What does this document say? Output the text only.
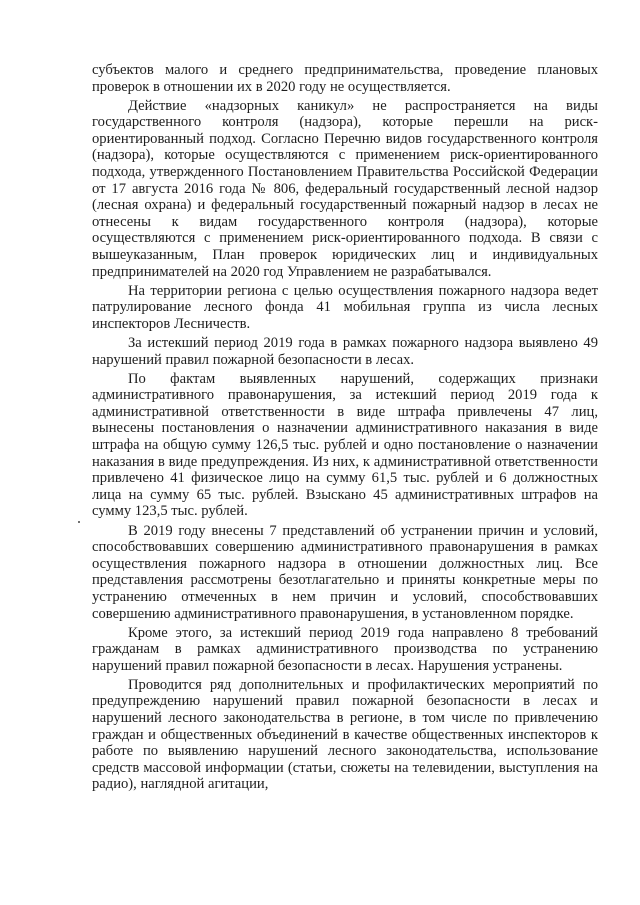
субъектов малого и среднего предпринимательства, проведение плановых проверок в отношении их в 2020 году не осуществляется.

Действие «надзорных каникул» не распространяется на виды государственного контроля (надзора), которые перешли на риск-ориентированный подход. Согласно Перечню видов государственного контроля (надзора), которые осуществляются с применением риск-ориентированного подхода, утвержденного Постановлением Правительства Российской Федерации от 17 августа 2016 года № 806, федеральный государственный лесной надзор (лесная охрана) и федеральный государственный пожарный надзор в лесах не отнесены к видам государственного контроля (надзора), которые осуществляются с применением риск-ориентированного подхода. В связи с вышеуказанным, План проверок юридических лиц и индивидуальных предпринимателей на 2020 год Управлением не разрабатывался.

На территории региона с целью осуществления пожарного надзора ведет патрулирование лесного фонда 41 мобильная группа из числа лесных инспекторов Лесничеств.

За истекший период 2019 года в рамках пожарного надзора выявлено 49 нарушений правил пожарной безопасности в лесах.

По фактам выявленных нарушений, содержащих признаки административного правонарушения, за истекший период 2019 года к административной ответственности в виде штрафа привлечены 47 лиц, вынесены постановления о назначении административного наказания в виде штрафа на общую сумму 126,5 тыс. рублей и одно постановление о назначении наказания в виде предупреждения. Из них, к административной ответственности привлечено 41 физическое лицо на сумму 61,5 тыс. рублей и 6 должностных лица на сумму 65 тыс. рублей. Взыскано 45 административных штрафов на сумму 123,5 тыс. рублей.

В 2019 году внесены 7 представлений об устранении причин и условий, способствовавших совершению административного правонарушения в рамках осуществления пожарного надзора в отношении должностных лиц. Все представления рассмотрены безотлагательно и приняты конкретные меры по устранению отмеченных в нем причин и условий, способствовавших совершению административного правонарушения, в установленном порядке.

Кроме этого, за истекший период 2019 года направлено 8 требований гражданам в рамках административного производства по устранению нарушений правил пожарной безопасности в лесах. Нарушения устранены.

Проводится ряд дополнительных и профилактических мероприятий по предупреждению нарушений правил пожарной безопасности в лесах и нарушений лесного законодательства в регионе, в том числе по привлечению граждан и общественных объединений в качестве общественных инспекторов к работе по выявлению нарушений лесного законодательства, использование средств массовой информации (статьи, сюжеты на телевидении, выступления на радио), наглядной агитации,
